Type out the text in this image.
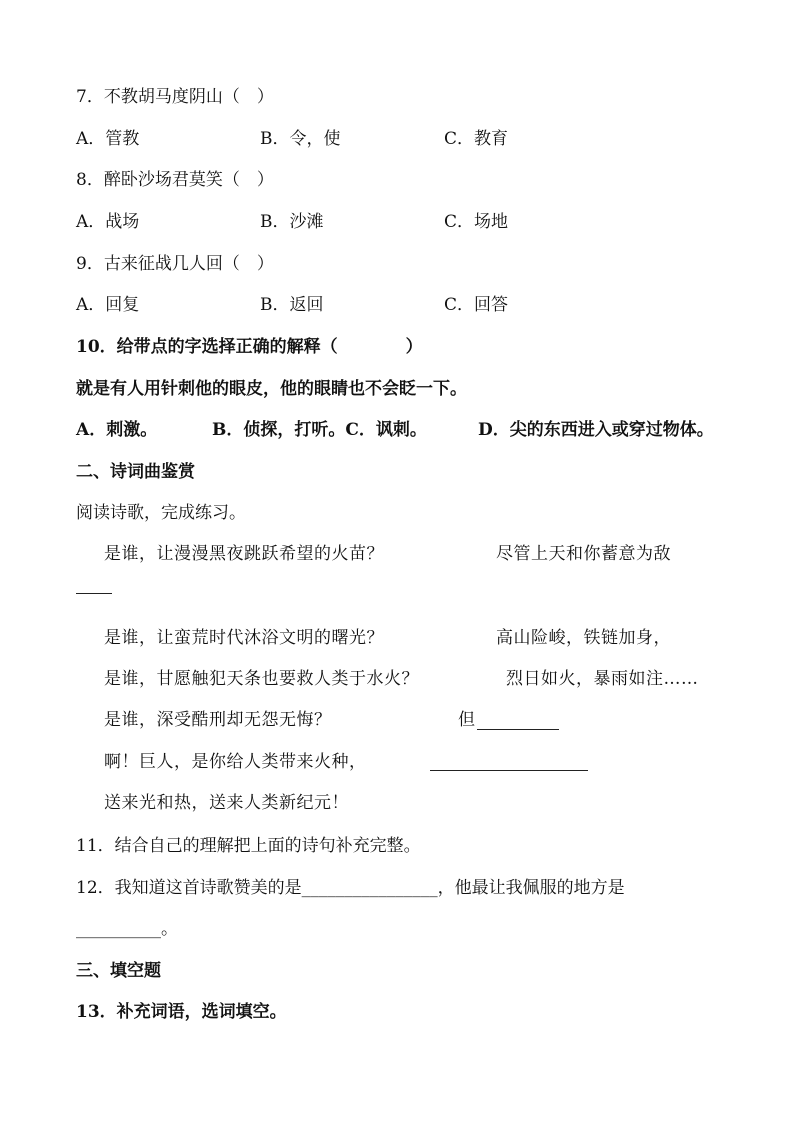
7．不教胡马度阴山（　）
A．管教	B．令，使	C．教育
8．醉卧沙场君莫笑（　）
A．战场	B．沙滩	C．场地
9．古来征战几人回（　）
A．回复	B．返回	C．回答
10．给带点的字选择正确的解释（　　　　）
就是有人用针刺他的眼皮，他的眼睛也不会眨一下。
A．刺激。	B．侦探，打听。C．讽刺。	D．尖的东西进入或穿过物体。
二、诗词曲鉴赏
阅读诗歌，完成练习。
是谁，让漫漫黑夜跳跃希望的火苗？
是谁，让蛮荒时代沐浴文明的曙光？
是谁，甘愿触犯天条也要救人类于水火？
是谁，深受酷刑却无怨无悔？
啊！巨人，是你给人类带来火种，
送来光和热，送来人类新纪元！
尽管上天和你蓄意为敌
高山险峻，铁链加身，
烈日如火，暴雨如注……
但
11．结合自己的理解把上面的诗句补充完整。
12．我知道这首诗歌赞美的是________________，他最让我佩服的地方是
__________。
三、填空题
13．补充词语，选词填空。
